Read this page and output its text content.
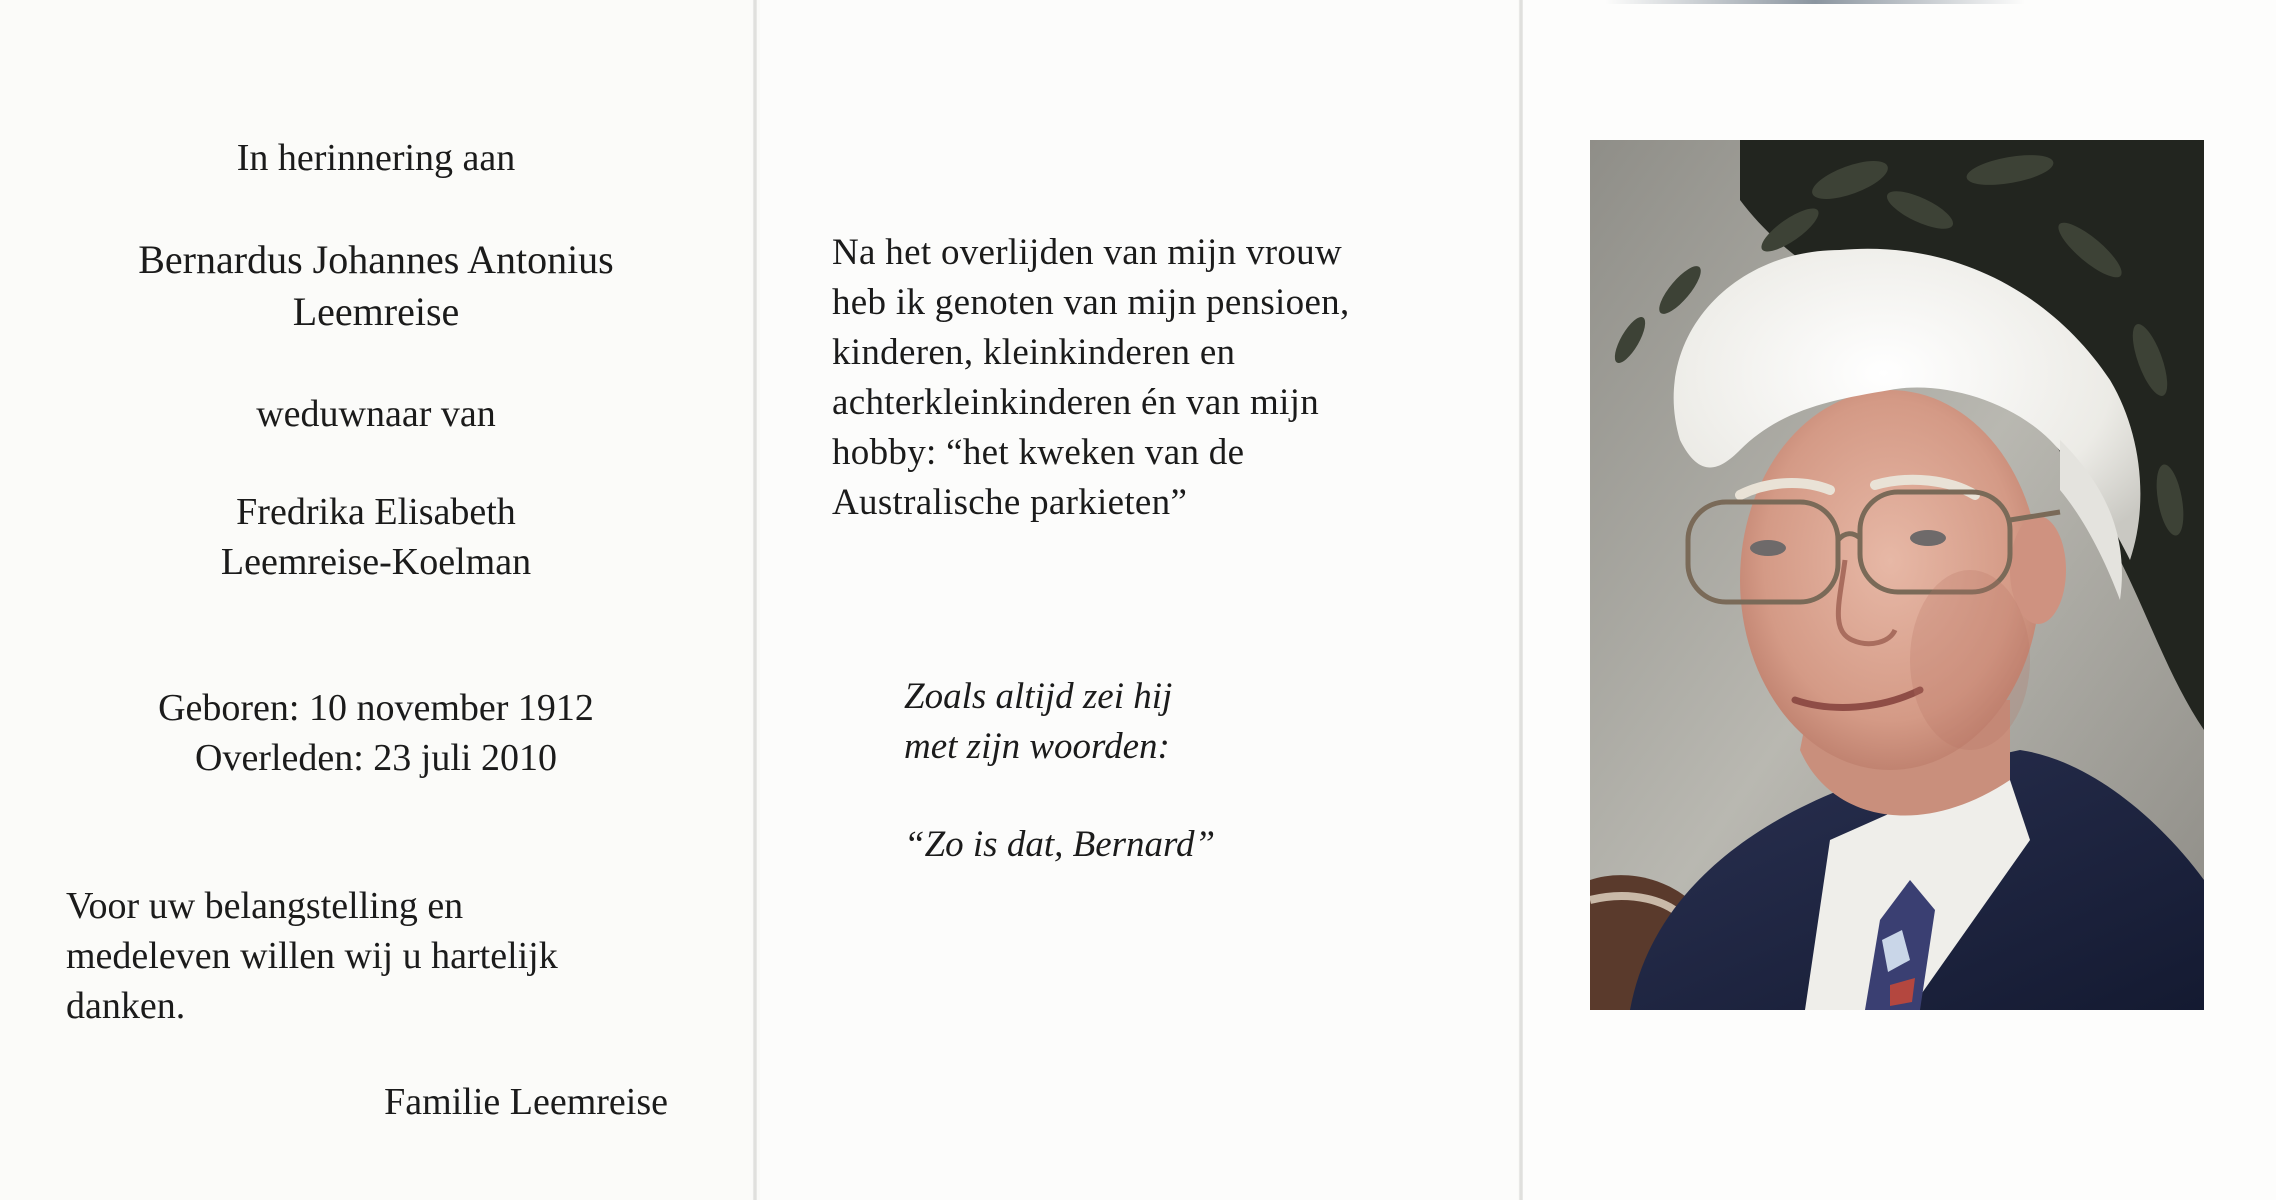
In herinnering aan
Bernardus Johannes Antonius
Leemreise
weduwnaar van
Fredrika Elisabeth
Leemreise-Koelman
Geboren: 10 november 1912
Overleden: 23 juli 2010
Voor uw belangstelling en
medeleven willen wij u hartelijk
danken.
Familie Leemreise
Na het overlijden van mijn vrouw
heb ik genoten van mijn pensioen,
kinderen, kleinkinderen en
achterkleinkinderen én van mijn
hobby: “het kweken van de
Australische parkieten”
Zoals altijd zei hij
met zijn woorden:
“Zo is dat, Bernard”
